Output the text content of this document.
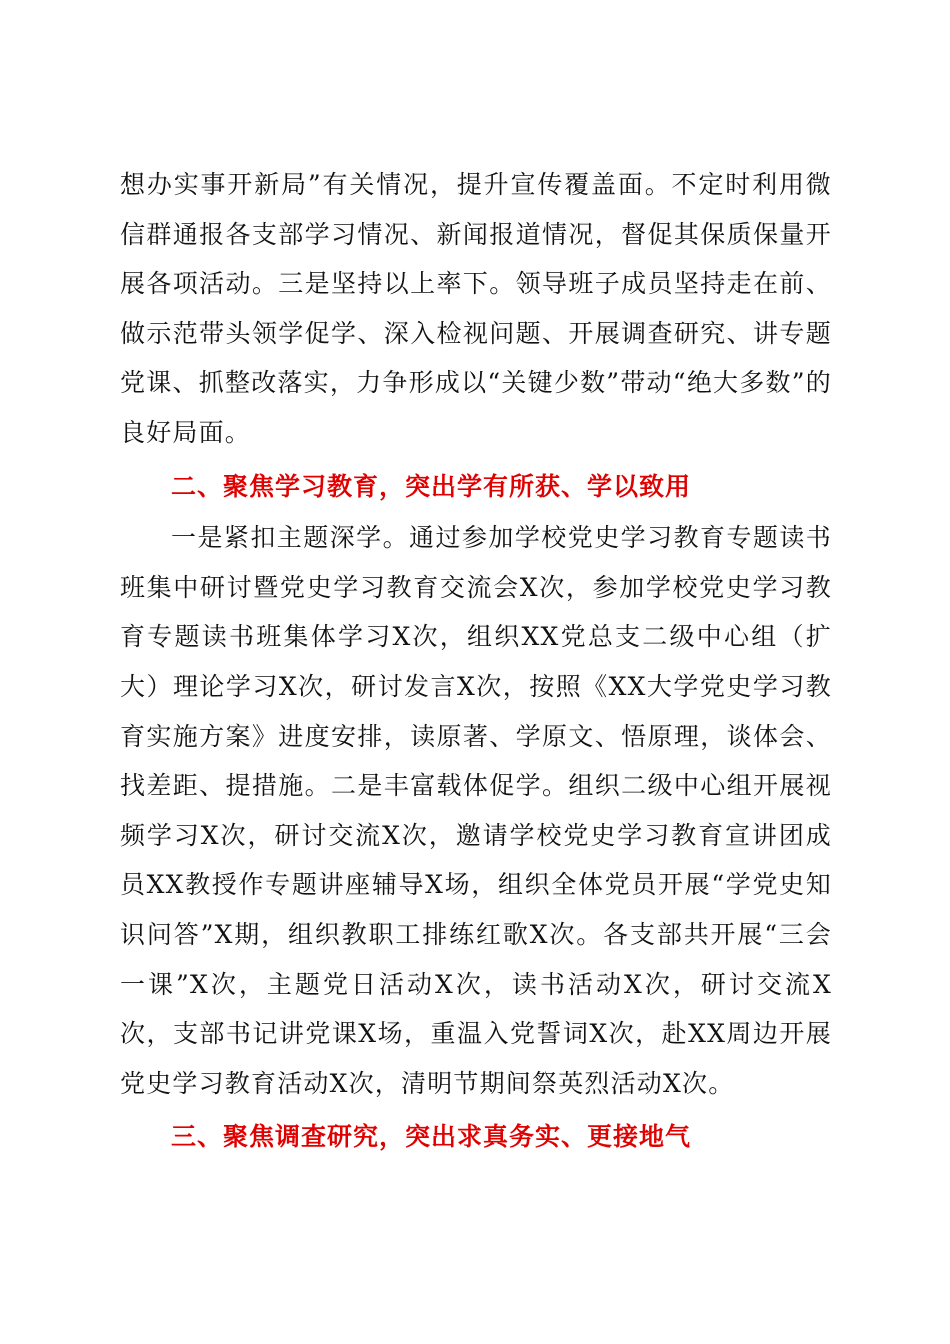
想办实事开新局”有关情况，提升宣传覆盖面。不定时利用微信群通报各支部学习情况、新闻报道情况，督促其保质保量开展各项活动。三是坚持以上率下。领导班子成员坚持走在前、做示范带头领学促学、深入检视问题、开展调查研究、讲专题党课、抓整改落实，力争形成以“关键少数”带动“绝大多数”的良好局面。

二、聚焦学习教育，突出学有所获、学以致用

一是紧扣主题深学。通过参加学校党史学习教育专题读书班集中研讨暨党史学习教育交流会X次，参加学校党史学习教育专题读书班集体学习X次，组织XX党总支二级中心组（扩大）理论学习X次，研讨发言X次，按照《XX大学党史学习教育实施方案》进度安排，读原著、学原文、悟原理，谈体会、找差距、提措施。二是丰富载体促学。组织二级中心组开展视频学习X次，研讨交流X次，邀请学校党史学习教育宣讲团成员XX教授作专题讲座辅导X场，组织全体党员开展“学党史知识问答”X期，组织教职工排练红歌X次。各支部共开展“三会一课”X次，主题党日活动X次，读书活动X次，研讨交流X次，支部书记讲党课X场，重温入党誓词X次，赴XX周边开展党史学习教育活动X次，清明节期间祭英烈活动X次。

三、聚焦调查研究，突出求真务实、更接地气
